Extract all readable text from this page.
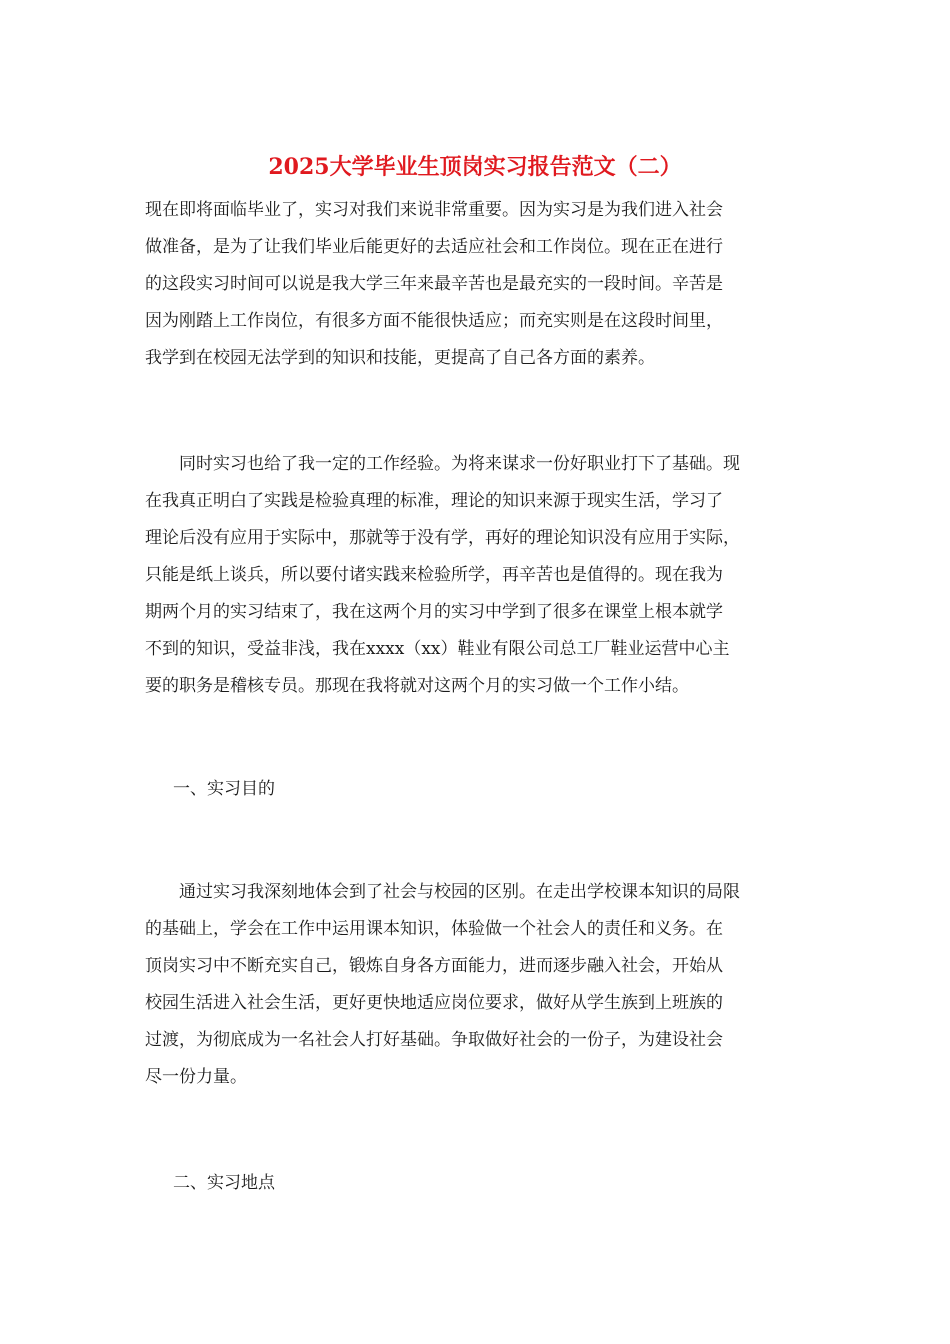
2025大学毕业生顶岗实习报告范文（二）

现在即将面临毕业了，实习对我们来说非常重要。因为实习是为我们进入社会
做准备，是为了让我们毕业后能更好的去适应社会和工作岗位。现在正在进行
的这段实习时间可以说是我大学三年来最辛苦也是最充实的一段时间。辛苦是
因为刚踏上工作岗位，有很多方面不能很快适应；而充实则是在这段时间里，
我学到在校园无法学到的知识和技能，更提高了自己各方面的素养。

　　同时实习也给了我一定的工作经验。为将来谋求一份好职业打下了基础。现
在我真正明白了实践是检验真理的标准，理论的知识来源于现实生活，学习了
理论后没有应用于实际中，那就等于没有学，再好的理论知识没有应用于实际，
只能是纸上谈兵，所以要付诸实践来检验所学，再辛苦也是值得的。现在我为
期两个月的实习结束了，我在这两个月的实习中学到了很多在课堂上根本就学
不到的知识，受益非浅，我在xxxx（xx）鞋业有限公司总工厂鞋业运营中心主
要的职务是稽核专员。那现在我将就对这两个月的实习做一个工作小结。

一、实习目的

　　通过实习我深刻地体会到了社会与校园的区别。在走出学校课本知识的局限
的基础上，学会在工作中运用课本知识，体验做一个社会人的责任和义务。在
顶岗实习中不断充实自己，锻炼自身各方面能力，进而逐步融入社会，开始从
校园生活进入社会生活，更好更快地适应岗位要求，做好从学生族到上班族的
过渡，为彻底成为一名社会人打好基础。争取做好社会的一份子，为建设社会
尽一份力量。

二、实习地点
